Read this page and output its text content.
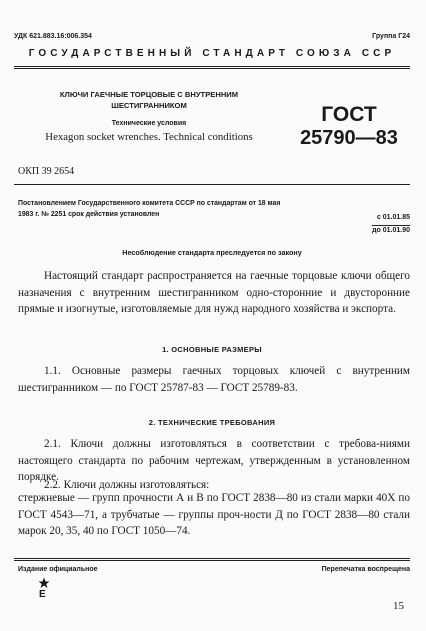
УДК 621.883.16:006.354	Группа Г24
ГОСУДАРСТВЕННЫЙ СТАНДАРТ СОЮЗА ССР
КЛЮЧИ ГАЕЧНЫЕ ТОРЦОВЫЕ С ВНУТРЕННИМ
ШЕСТИГРАННИКОМ
Технические условия
Hexagon socket wrenches. Technical conditions
ГОСТ
25790—83
ОКП 39 2654
Постановлением Государственного комитета СССР по стандартам от 18 мая
1983 г. № 2251 срок действия установлен	с 01.01.85
до 01.01.90
Несоблюдение стандарта преследуется по закону
Настоящий стандарт распространяется на гаечные торцовые ключи общего назначения с внутренним шестигранником одно-сторонние и двусторонние прямые и изогнутые, изготовляемые для нужд народного хозяйства и экспорта.
1. ОСНОВНЫЕ РАЗМЕРЫ
1.1. Основные размеры гаечных торцовых ключей с внутренним шестигранником — по ГОСТ 25787-83 — ГОСТ 25789-83.
2. ТЕХНИЧЕСКИЕ ТРЕБОВАНИЯ
2.1. Ключи должны изготовляться в соответствии с требова-ниями настоящего стандарта по рабочим чертежам, утвержденным в установленном порядке.
2.2. Ключи должны изготовляться:
стержневые — групп прочности А и В по ГОСТ 2838—80 из стали марки 40Х по ГОСТ 4543—71, а трубчатые — группы проч-ности Д по ГОСТ 2838—80 стали марок 20, 35, 40 по ГОСТ 1050—74.
Издание официальное	Перепечатка воспрещена
Е
15
